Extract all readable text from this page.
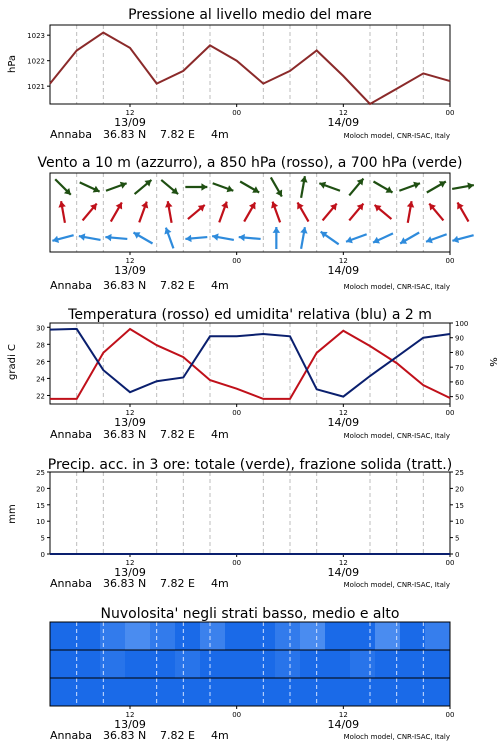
Pressione al livello medio del mare
hPa
12	00	12	00
13/09	14/09
1021
1022
1023
Annaba 36.83 N 7.82 E 4m	Moloch model, CNR-ISAC, Italy
Vento a 10 m (azzurro), a 850 hPa (rosso), a 700 hPa (verde)
12	00	12	00
13/09	14/09
Annaba 36.83 N 7.82 E 4m	Moloch model, CNR-ISAC, Italy
Temperatura (rosso) ed umidita' relativa (blu) a 2 m
gradi C	%
12	00	12	00
13/09	14/09
22
24
26
28
30
50
60
70
80
90
100
Annaba 36.83 N 7.82 E 4m	Moloch model, CNR-ISAC, Italy
Precip. acc. in 3 ore: totale (verde), frazione solida (tratt.)
mm
12	00	12	00
13/09	14/09
0	0
5	5
10	10
15	15
20	20
25	25
Annaba 36.83 N 7.82 E 4m	Moloch model, CNR-ISAC, Italy
Nuvolosita' negli strati basso, medio e alto
12	00	12	00
13/09	14/09
Annaba 36.83 N 7.82 E 4m	Moloch model, CNR-ISAC, Italy
